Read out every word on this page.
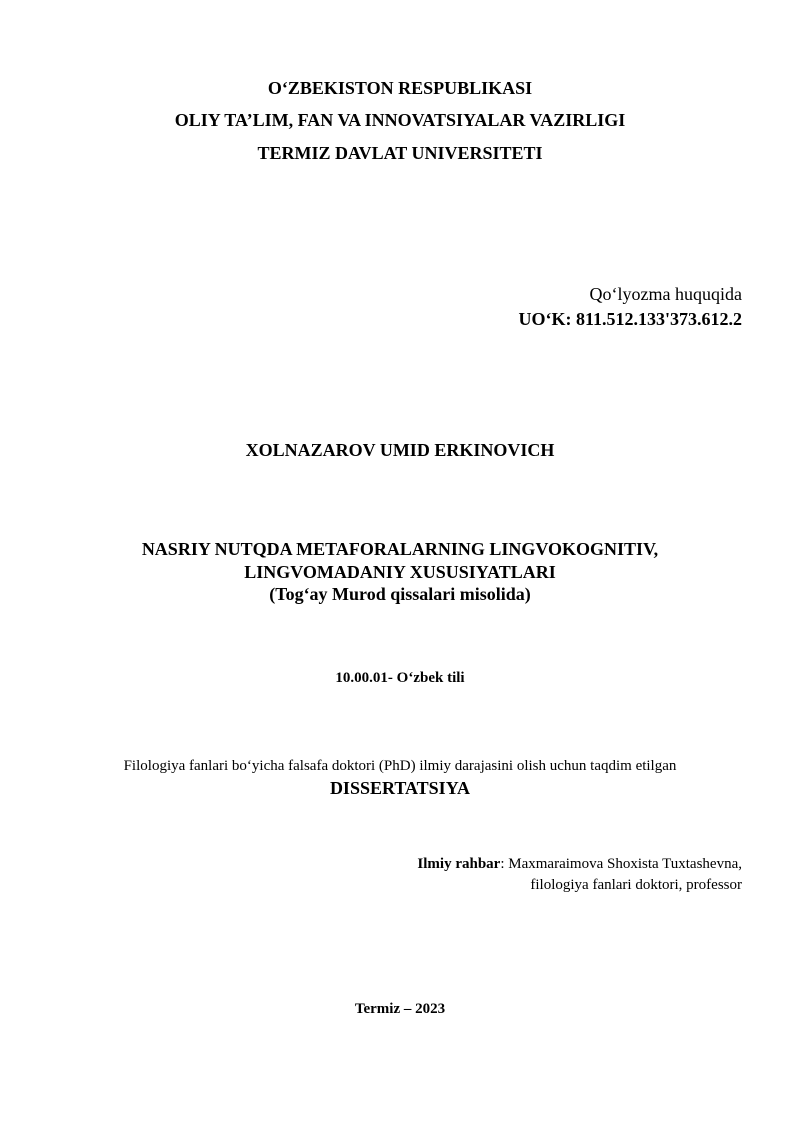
O‘ZBEKISTON RESPUBLIKASI
OLIY TA’LIM, FAN VA INNOVATSIYALAR VAZIRLIGI
TERMIZ DAVLAT UNIVERSITETI
Qo‘lyozma huquqida
UO‘K: 811.512.133'373.612.2
XOLNAZAROV UMID ERKINOVICH
NASRIY NUTQDA METAFORALARNING LINGVOKOGNITIV,
LINGVOMADANIY XUSUSIYATLARI
(Tog‘ay Murod qissalari misolida)
10.00.01- O‘zbek tili
Filologiya fanlari bo‘yicha falsafa doktori (PhD) ilmiy darajasini olish uchun taqdim etilgan
DISSERTATSIYA
Ilmiy rahbar: Maxmaraimova Shoxista Tuxtashevna,
filologiya fanlari doktori, professor
Termiz – 2023
